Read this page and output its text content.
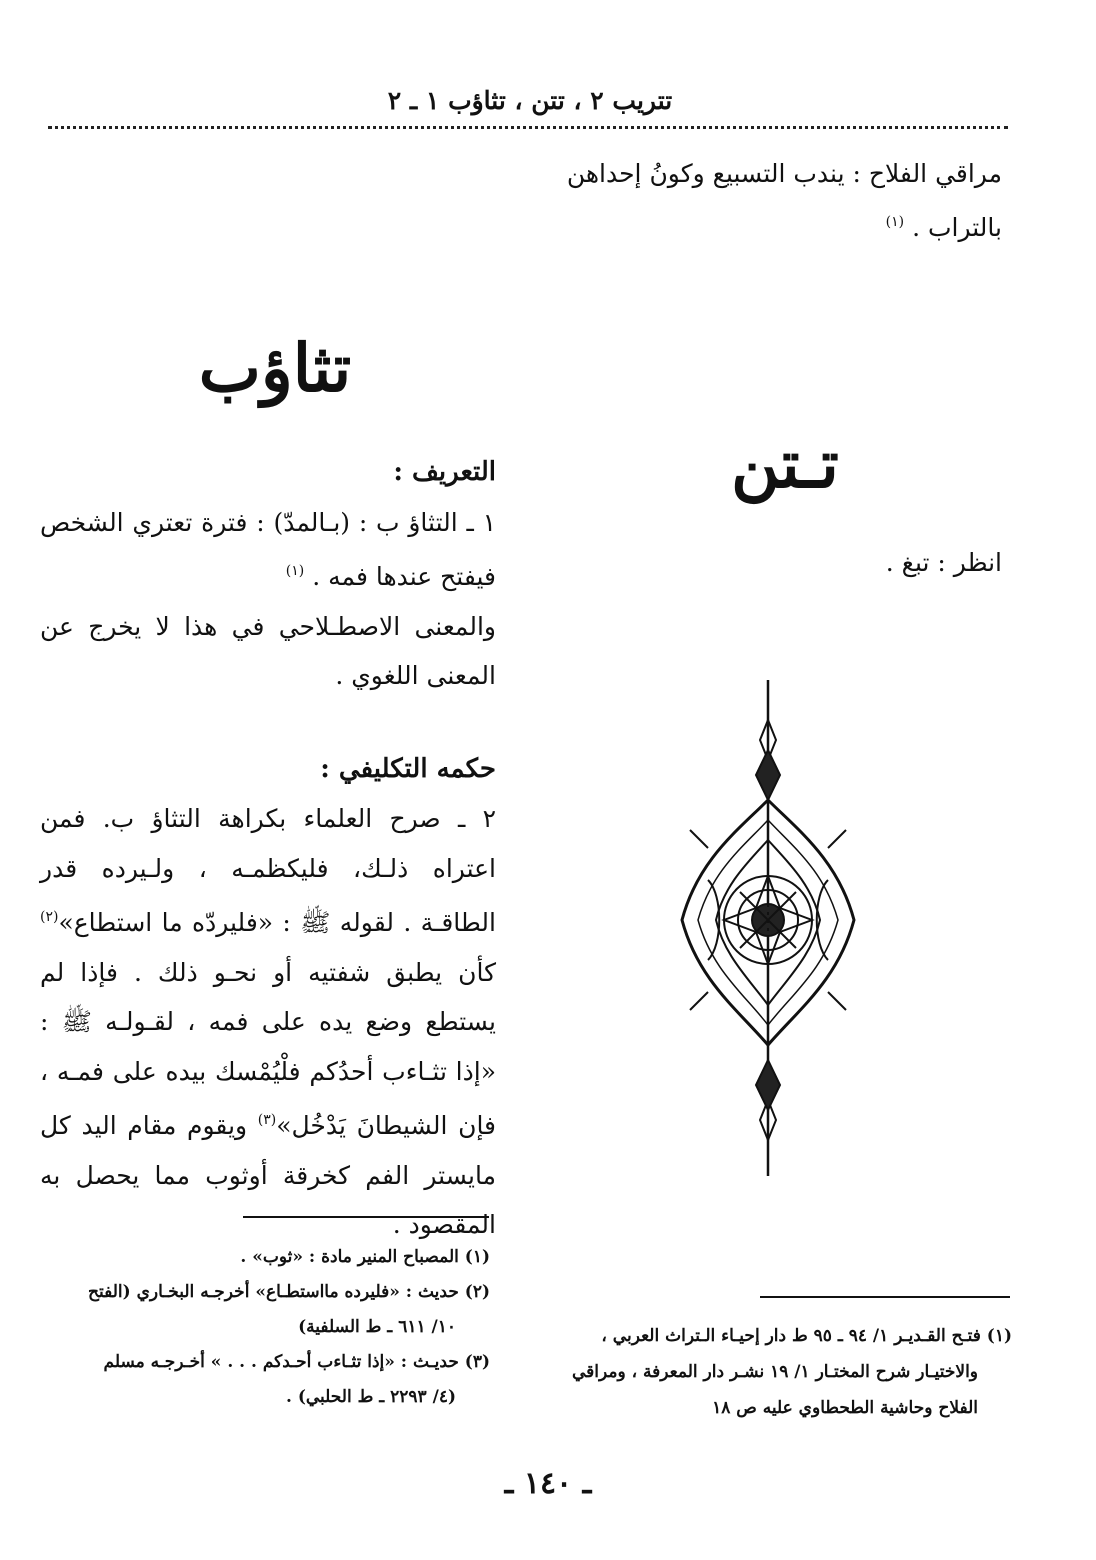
تتريب ٢ ، تتن ، تثاؤب ١ ـ ٢
مراقي الفلاح : يندب التسبيع وكونُ إحداهن
بالتراب . $^{(١)}$
تثاؤب
تـتن
انظر : تبغ .

التعريف :

١ ـ التثاؤ ب : (بـالمدّ) : فترة تعتري الشخص فيفتح عندها فمه . $^{(١)}$

والمعنى الاصطـلاحي في هذا لا يخرج عن المعنى اللغوي .

حكمه التكليفي :

٢ ـ صرح العلماء بكراهة التثاؤ ب. فمن اعتراه ذلـك، فليكظمـه ، ولـيرده قدر الطاقـة . لقوله ﷺ : «فليردّه ما استطاع»$^{(٢)}$ كأن يطبق شفتيه أو نحـو ذلك . فإذا لم يستطع وضع يده على فمه ، لقـولـه ﷺ : «إذا تثـاءب أحدُكم فلْيُمْسك بيده على فمـه ، فإن الشيطانَ يَدْخُل»$^{(٣)}$ ويقوم مقام اليد كل مايستر الفم كخرقة أوثوب مما يحصل به المقصود .

(١) المصباح المنير مادة : «ثوب» .

(٢) حديث : «فليرده مااستطـاع» أخرجـه البخـاري (الفتح

١٠/ ٦١١ ـ ط السلفية)

(٣) حديـث : «إذا تثـاءب أحـدكم . . . » أخـرجـه مسلم

(٤/ ٢٢٩٣ ـ ط الحلبي) .

(١) فتـح القـديـر ١/ ٩٤ ـ ٩٥ ط دار إحيـاء الـتراث العربي ،

والاختيـار شرح المختـار ١/ ١٩ نشـر دار المعرفة ، ومراقي

الفلاح وحاشية الطحطاوي عليه ص ١٨

ـ ١٤٠ ـ
